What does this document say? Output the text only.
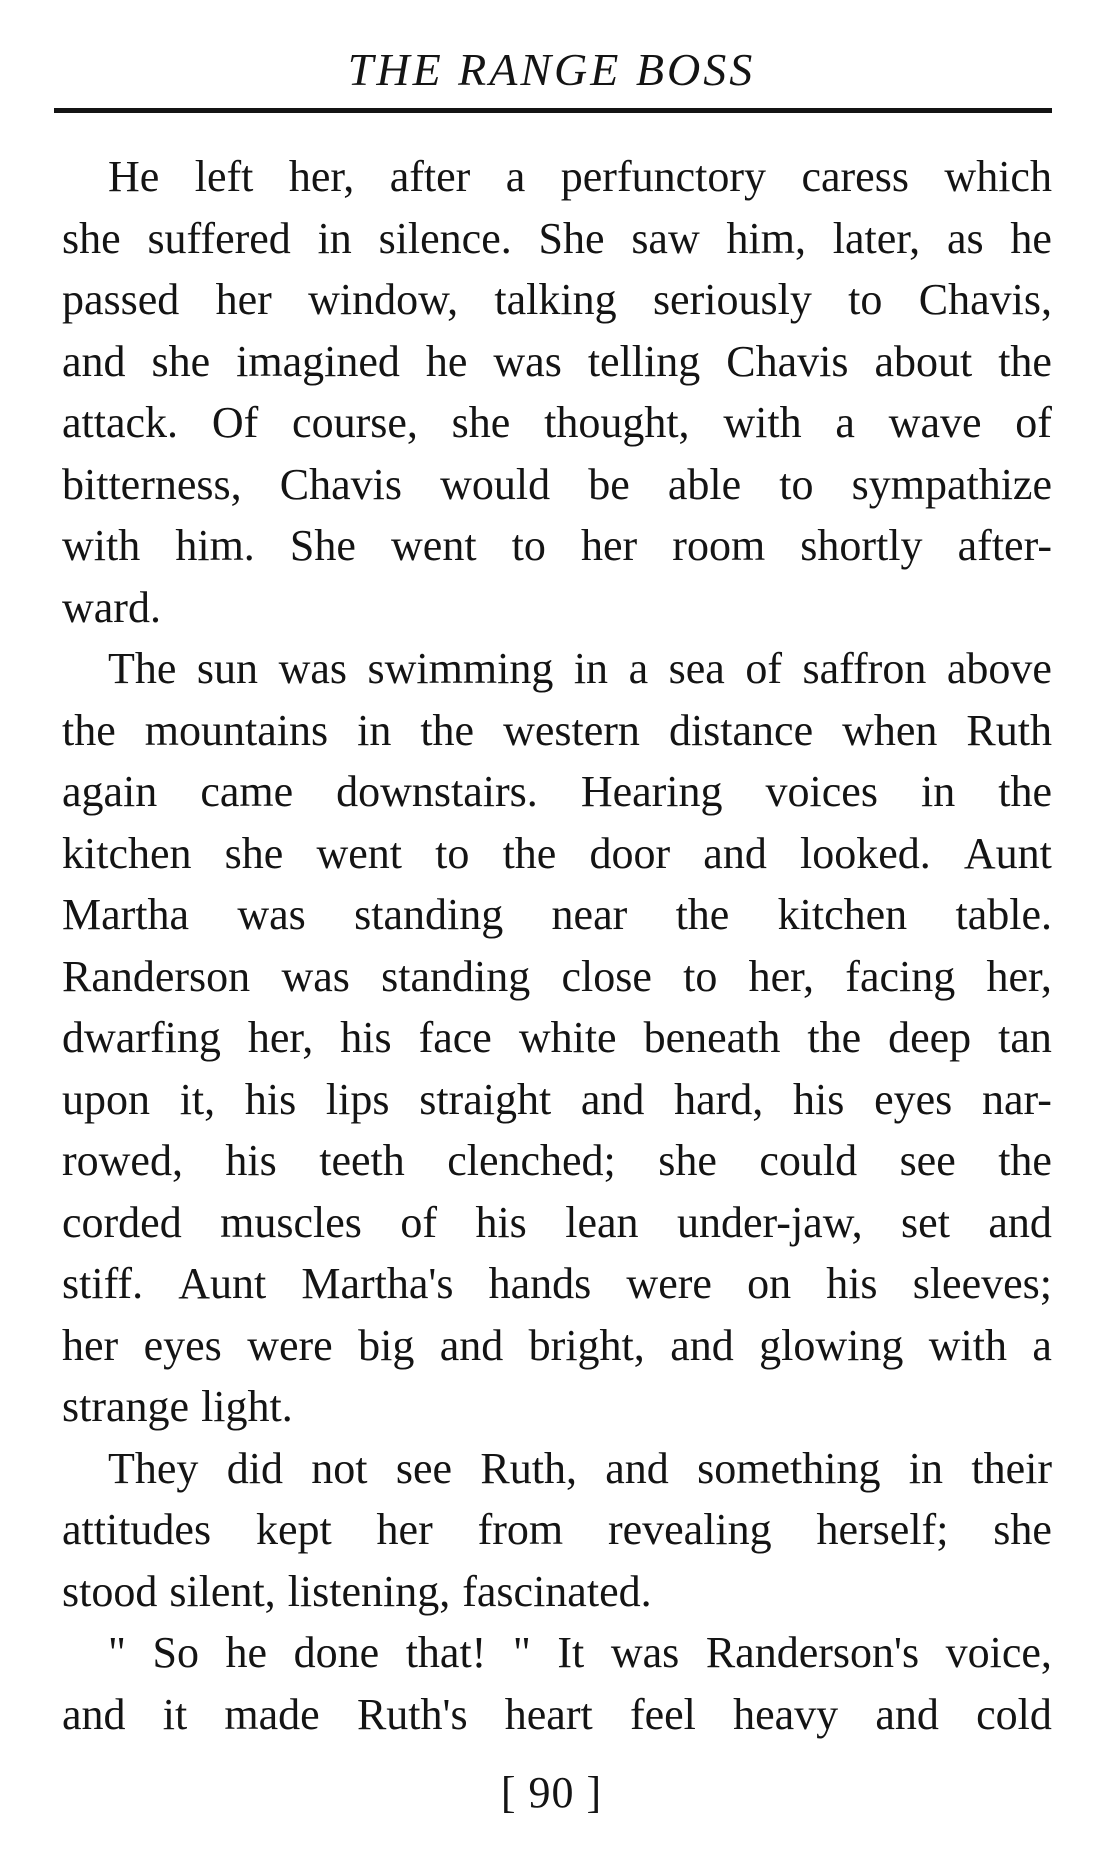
THE RANGE BOSS
He left her, after a perfunctory caress which
she suffered in silence. She saw him, later, as he
passed her window, talking seriously to Chavis,
and she imagined he was telling Chavis about the
attack. Of course, she thought, with a wave of
bitterness, Chavis would be able to sympathize
with him. She went to her room shortly after-
ward.
The sun was swimming in a sea of saffron above
the mountains in the western distance when Ruth
again came downstairs. Hearing voices in the
kitchen she went to the door and looked. Aunt
Martha was standing near the kitchen table.
Randerson was standing close to her, facing her,
dwarfing her, his face white beneath the deep tan
upon it, his lips straight and hard, his eyes nar-
rowed, his teeth clenched; she could see the
corded muscles of his lean under-jaw, set and
stiff. Aunt Martha's hands were on his sleeves;
her eyes were big and bright, and glowing with a
strange light.
They did not see Ruth, and something in their
attitudes kept her from revealing herself; she
stood silent, listening, fascinated.
" So he done that! " It was Randerson's voice,
and it made Ruth's heart feel heavy and cold
[ 90 ]
